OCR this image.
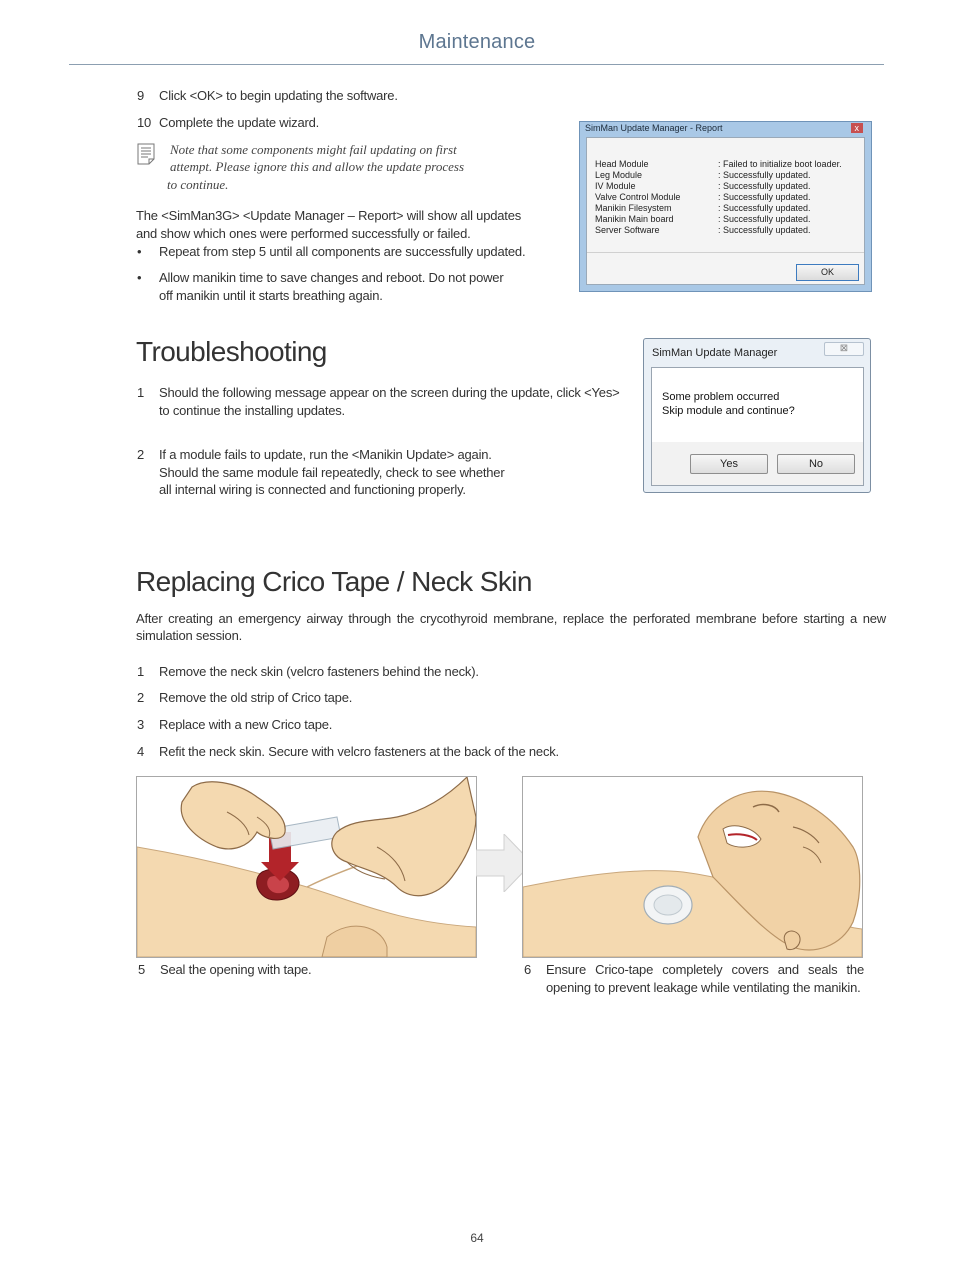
Maintenance
9 Click <OK> to begin updating the software.
10 Complete the update wizard.
Note that some components might fail updating on first
attempt. Please ignore this and allow the update process
to continue.
The <SimMan3G> <Update Manager – Report> will show all updates
and show which ones were performed successfully or failed.
• Repeat from step 5 until all components are successfully updated.
• Allow manikin time to save changes and reboot. Do not power
off manikin until it starts breathing again.
SimMan Update Manager - Report	x
Head Module	: Failed to initialize boot loader.
Leg Module	: Successfully updated.
IV Module	: Successfully updated.
Valve Control Module	: Successfully updated.
Manikin Filesystem	: Successfully updated.
Manikin Main board	: Successfully updated.
Server Software	: Successfully updated.
OK
Troubleshooting
1 Should the following message appear on the screen during the update, click <Yes>
to continue the installing updates.
2 If a module fails to update, run the <Manikin Update> again.
Should the same module fail repeatedly, check to see whether
all internal wiring is connected and functioning properly.
SimMan Update Manager	⊠
Some problem occurred
Skip module and continue?
Yes	No
Replacing Crico Tape / Neck Skin
After creating an emergency airway through the crycothyroid membrane, replace the perforated membrane before starting a new
simulation session.
1 Remove the neck skin (velcro fasteners behind the neck).
2 Remove the old strip of Crico tape.
3 Replace with a new Crico tape.
4 Refit the neck skin. Secure with velcro fasteners at the back of the neck.
5 Seal the opening with tape.	6 Ensure Crico-tape completely covers and seals the
opening to prevent leakage while ventilating the manikin.
64
